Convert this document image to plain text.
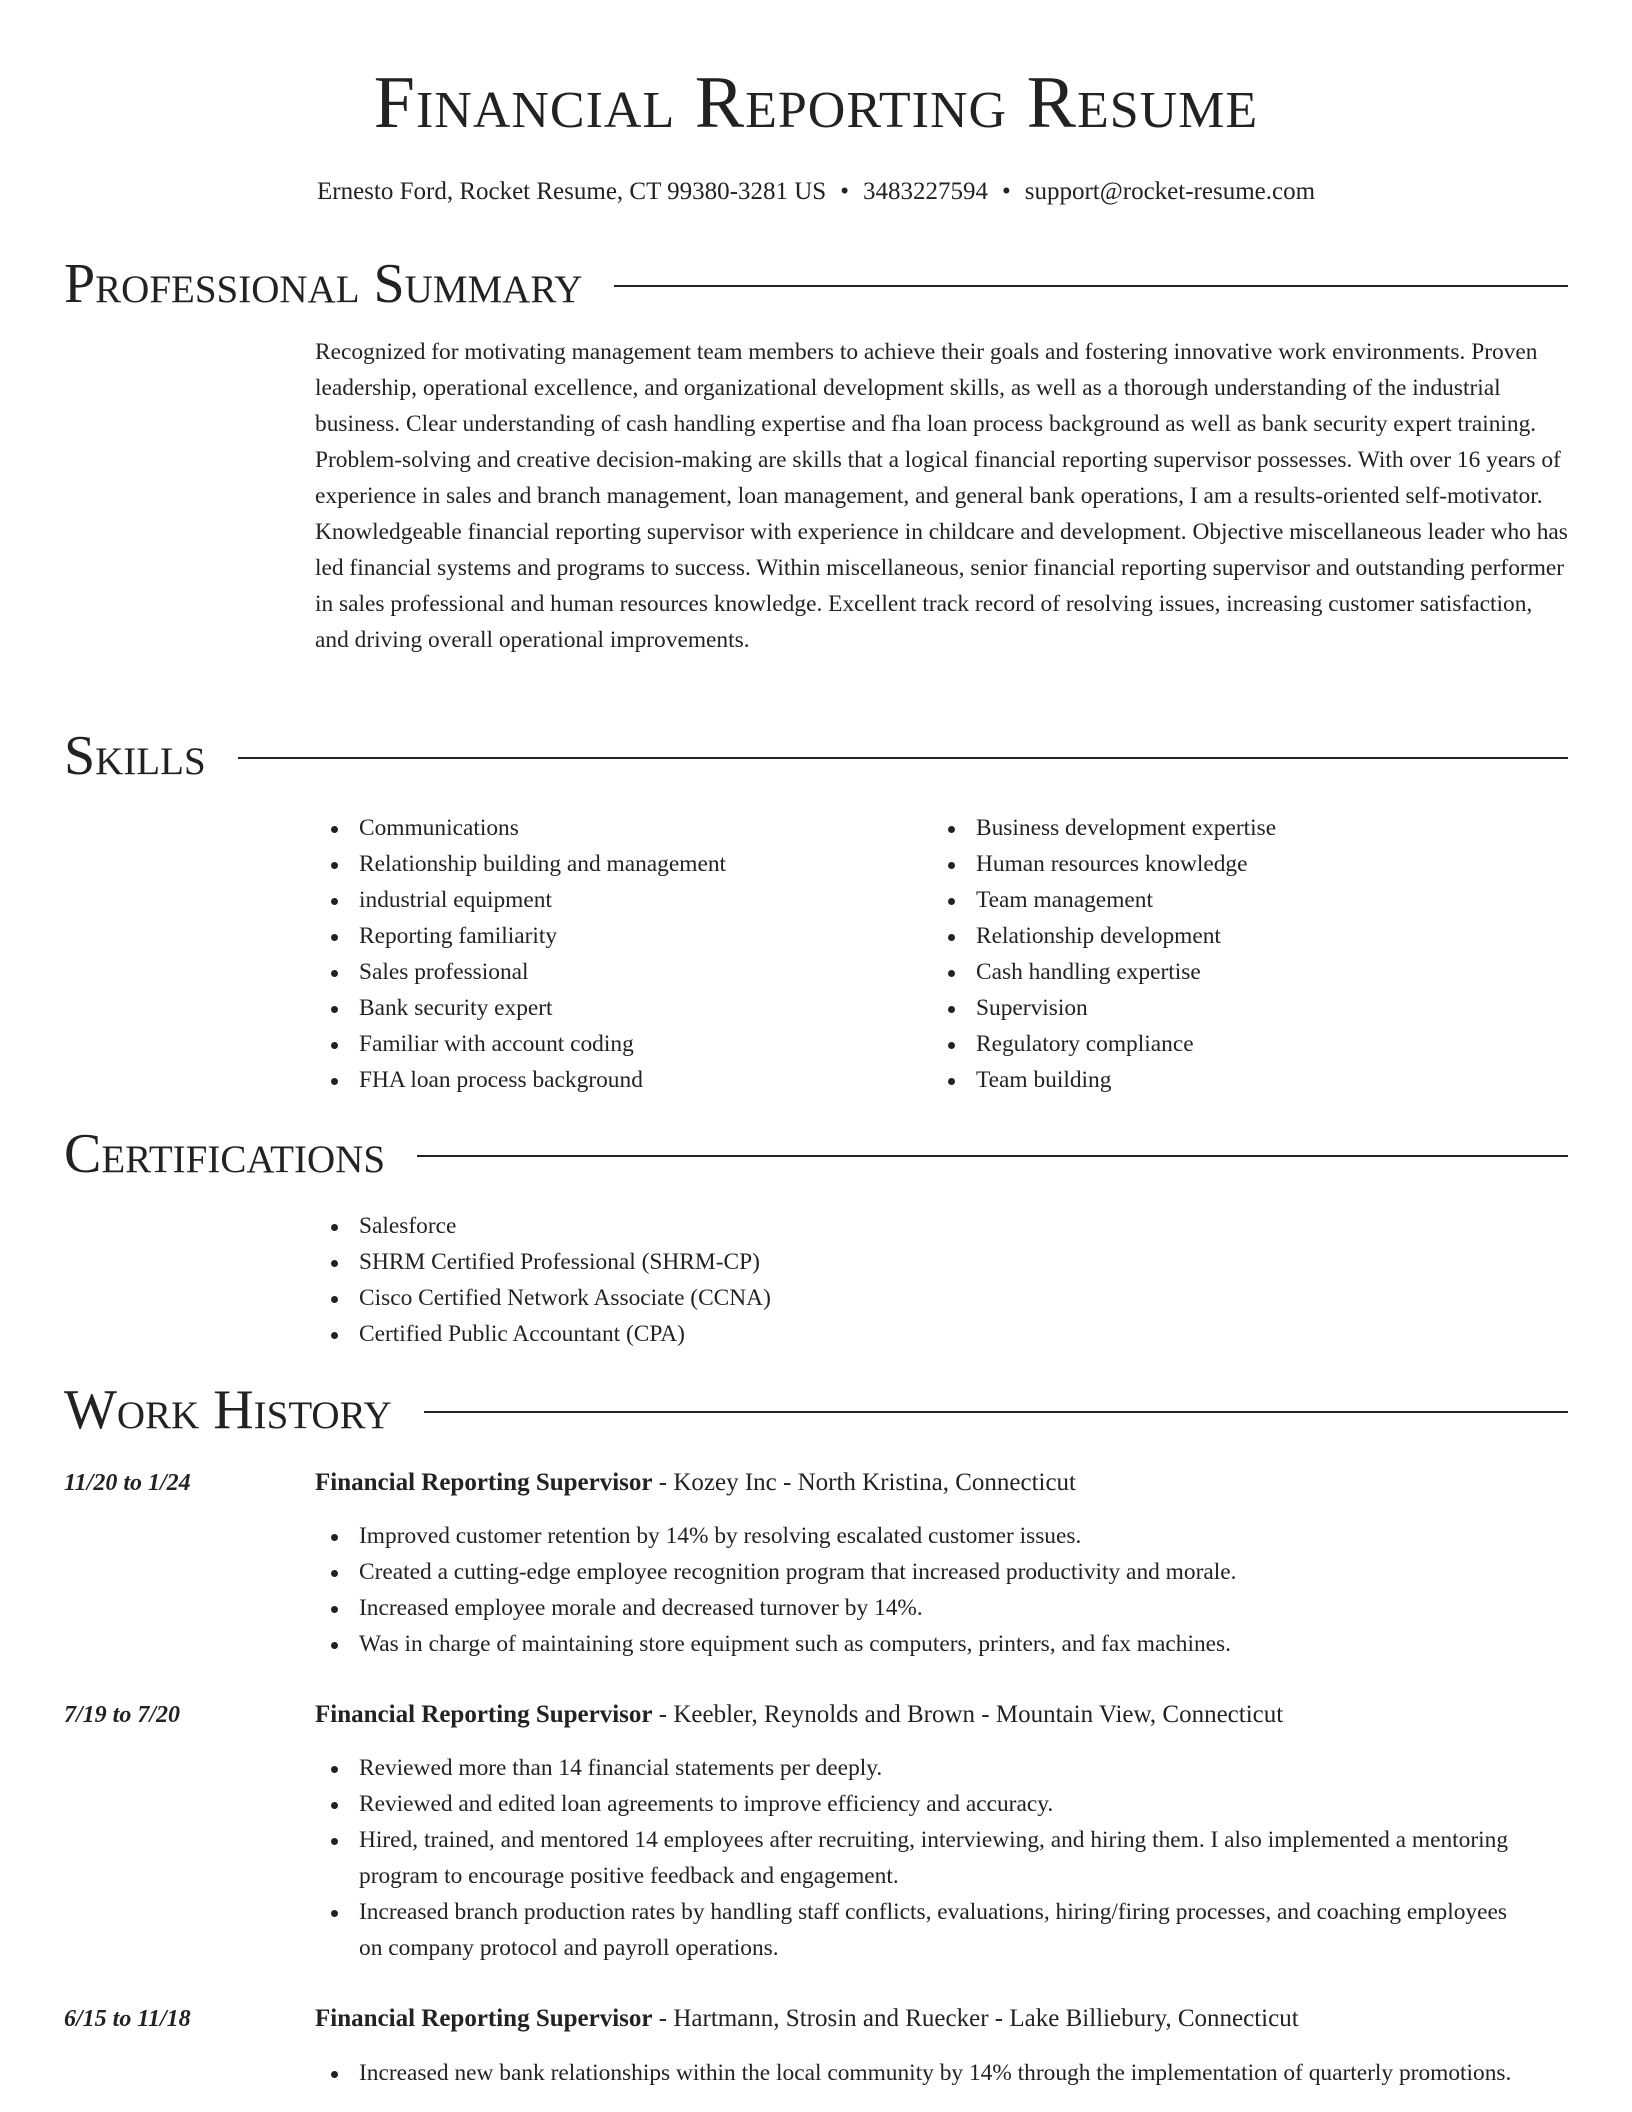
Financial Reporting Resume
Ernesto Ford, Rocket Resume, CT 99380-3281 US • 3483227594 • support@rocket-resume.com
Professional Summary

Recognized for motivating management team members to achieve their goals and fostering innovative work environments. Proven leadership, operational excellence, and organizational development skills, as well as a thorough understanding of the industrial business. Clear understanding of cash handling expertise and fha loan process background as well as bank security expert training. Problem-solving and creative decision-making are skills that a logical financial reporting supervisor possesses. With over 16 years of experience in sales and branch management, loan management, and general bank operations, I am a results-oriented self-motivator. Knowledgeable financial reporting supervisor with experience in childcare and development. Objective miscellaneous leader who has led financial systems and programs to success. Within miscellaneous, senior financial reporting supervisor and outstanding performer in sales professional and human resources knowledge. Excellent track record of resolving issues, increasing customer satisfaction, and driving overall operational improvements.

Skills
Communications
Relationship building and management
industrial equipment
Reporting familiarity
Sales professional
Bank security expert
Familiar with account coding
FHA loan process background
Business development expertise
Human resources knowledge
Team management
Relationship development
Cash handling expertise
Supervision
Regulatory compliance
Team building
Certifications
Salesforce
SHRM Certified Professional (SHRM-CP)
Cisco Certified Network Associate (CCNA)
Certified Public Accountant (CPA)
Work History
11/20 to 1/24	Financial Reporting Supervisor - Kozey Inc - North Kristina, Connecticut
Improved customer retention by 14% by resolving escalated customer issues.
Created a cutting-edge employee recognition program that increased productivity and morale.
Increased employee morale and decreased turnover by 14%.
Was in charge of maintaining store equipment such as computers, printers, and fax machines.
7/19 to 7/20	Financial Reporting Supervisor - Keebler, Reynolds and Brown - Mountain View, Connecticut
Reviewed more than 14 financial statements per deeply.
Reviewed and edited loan agreements to improve efficiency and accuracy.
Hired, trained, and mentored 14 employees after recruiting, interviewing, and hiring them. I also implemented a mentoring program to encourage positive feedback and engagement.
Increased branch production rates by handling staff conflicts, evaluations, hiring/firing processes, and coaching employees on company protocol and payroll operations.
6/15 to 11/18	Financial Reporting Supervisor - Hartmann, Strosin and Ruecker - Lake Billiebury, Connecticut
Increased new bank relationships within the local community by 14% through the implementation of quarterly promotions.
